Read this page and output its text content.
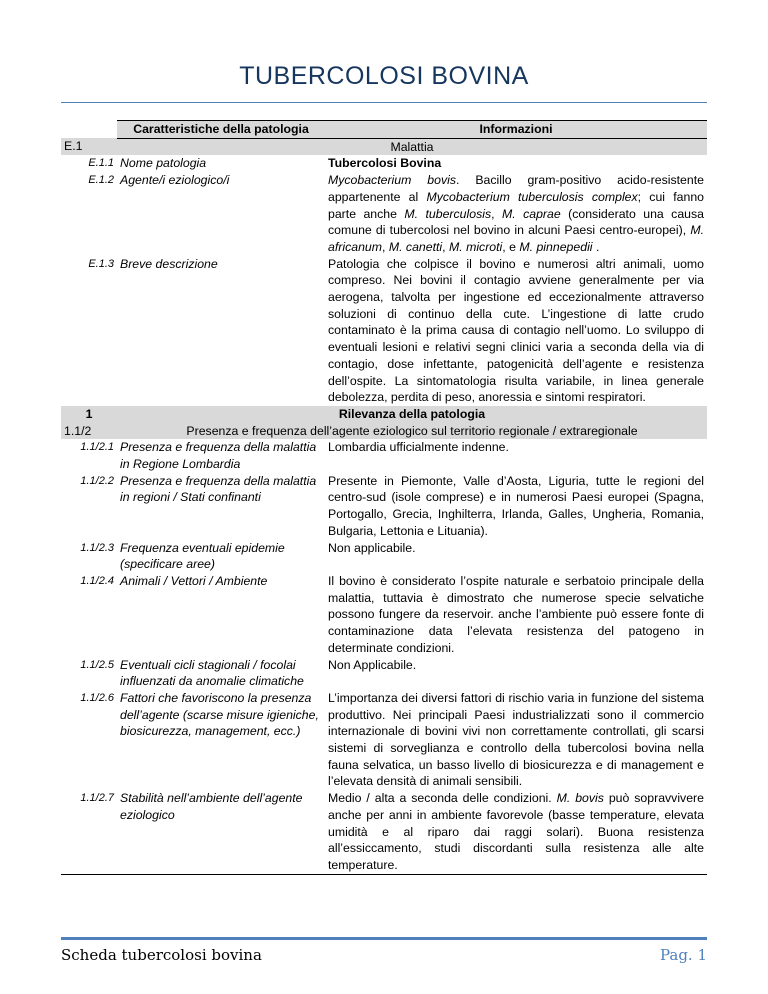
TUBERCOLOSI BOVINA
	Caratteristiche della patologia	Informazioni
E.1	Malattia	
E.1.1	Nome patologia	Tubercolosi Bovina
E.1.2	Agente/i eziologico/i	Mycobacterium bovis. Bacillo gram-positivo acido-resistente appartenente al Mycobacterium tuberculosis complex; cui fanno parte anche M. tuberculosis, M. caprae (considerato una causa comune di tubercolosi nel bovino in alcuni Paesi centro-europei), M. africanum, M. canetti, M. microti, e M. pinnepedii .
E.1.3	Breve descrizione	Patologia che colpisce il bovino e numerosi altri animali, uomo compreso. Nei bovini il contagio avviene generalmente per via aerogena, talvolta per ingestione ed eccezionalmente attraverso soluzioni di continuo della cute. L’ingestione di latte crudo contaminato è la prima causa di contagio nell’uomo. Lo sviluppo di eventuali lesioni e relativi segni clinici varia a seconda della via di contagio, dose infettante, patogenicità dell’agente e resistenza dell’ospite. La sintomatologia risulta variabile, in linea generale debolezza, perdita di peso, anoressia e sintomi respiratori.
1	Rilevanza della patologia	
1.1/2	Presenza e frequenza dell’agente eziologico sul territorio regionale / extraregionale	
1.1/2.1	Presenza e frequenza della malattia in Regione Lombardia	Lombardia ufficialmente indenne.
1.1/2.2	Presenza e frequenza della malattia in regioni / Stati confinanti	Presente in Piemonte, Valle d’Aosta, Liguria, tutte le regioni del centro-sud (isole comprese) e in numerosi Paesi europei (Spagna, Portogallo, Grecia, Inghilterra, Irlanda, Galles, Ungheria, Romania, Bulgaria, Lettonia e Lituania).
1.1/2.3	Frequenza eventuali epidemie (specificare aree)	Non applicabile.
1.1/2.4	Animali / Vettori / Ambiente	Il bovino è considerato l’ospite naturale e serbatoio principale della malattia, tuttavia è dimostrato che numerose specie selvatiche possono fungere da reservoir. anche l’ambiente può essere fonte di contaminazione data l’elevata resistenza del patogeno in determinate condizioni.
1.1/2.5	Eventuali cicli stagionali / focolai influenzati da anomalie climatiche	Non Applicabile.
1.1/2.6	Fattori che favoriscono la presenza dell’agente (scarse misure igieniche, biosicurezza, management, ecc.)	L’importanza dei diversi fattori di rischio varia in funzione del sistema produttivo. Nei principali Paesi industrializzati sono il commercio internazionale di bovini vivi non correttamente controllati, gli scarsi sistemi di sorveglianza e controllo della tubercolosi bovina nella fauna selvatica, un basso livello di biosicurezza e di management e l’elevata densità di animali sensibili.
1.1/2.7	Stabilità nell’ambiente dell’agente eziologico	Medio / alta a seconda delle condizioni. M. bovis può sopravvivere anche per anni in ambiente favorevole (basse temperature, elevata umidità e al riparo dai raggi solari). Buona resistenza all’essiccamento, studi discordanti sulla resistenza alle alte temperature.
Scheda tubercolosi bovina	Pag. 1
